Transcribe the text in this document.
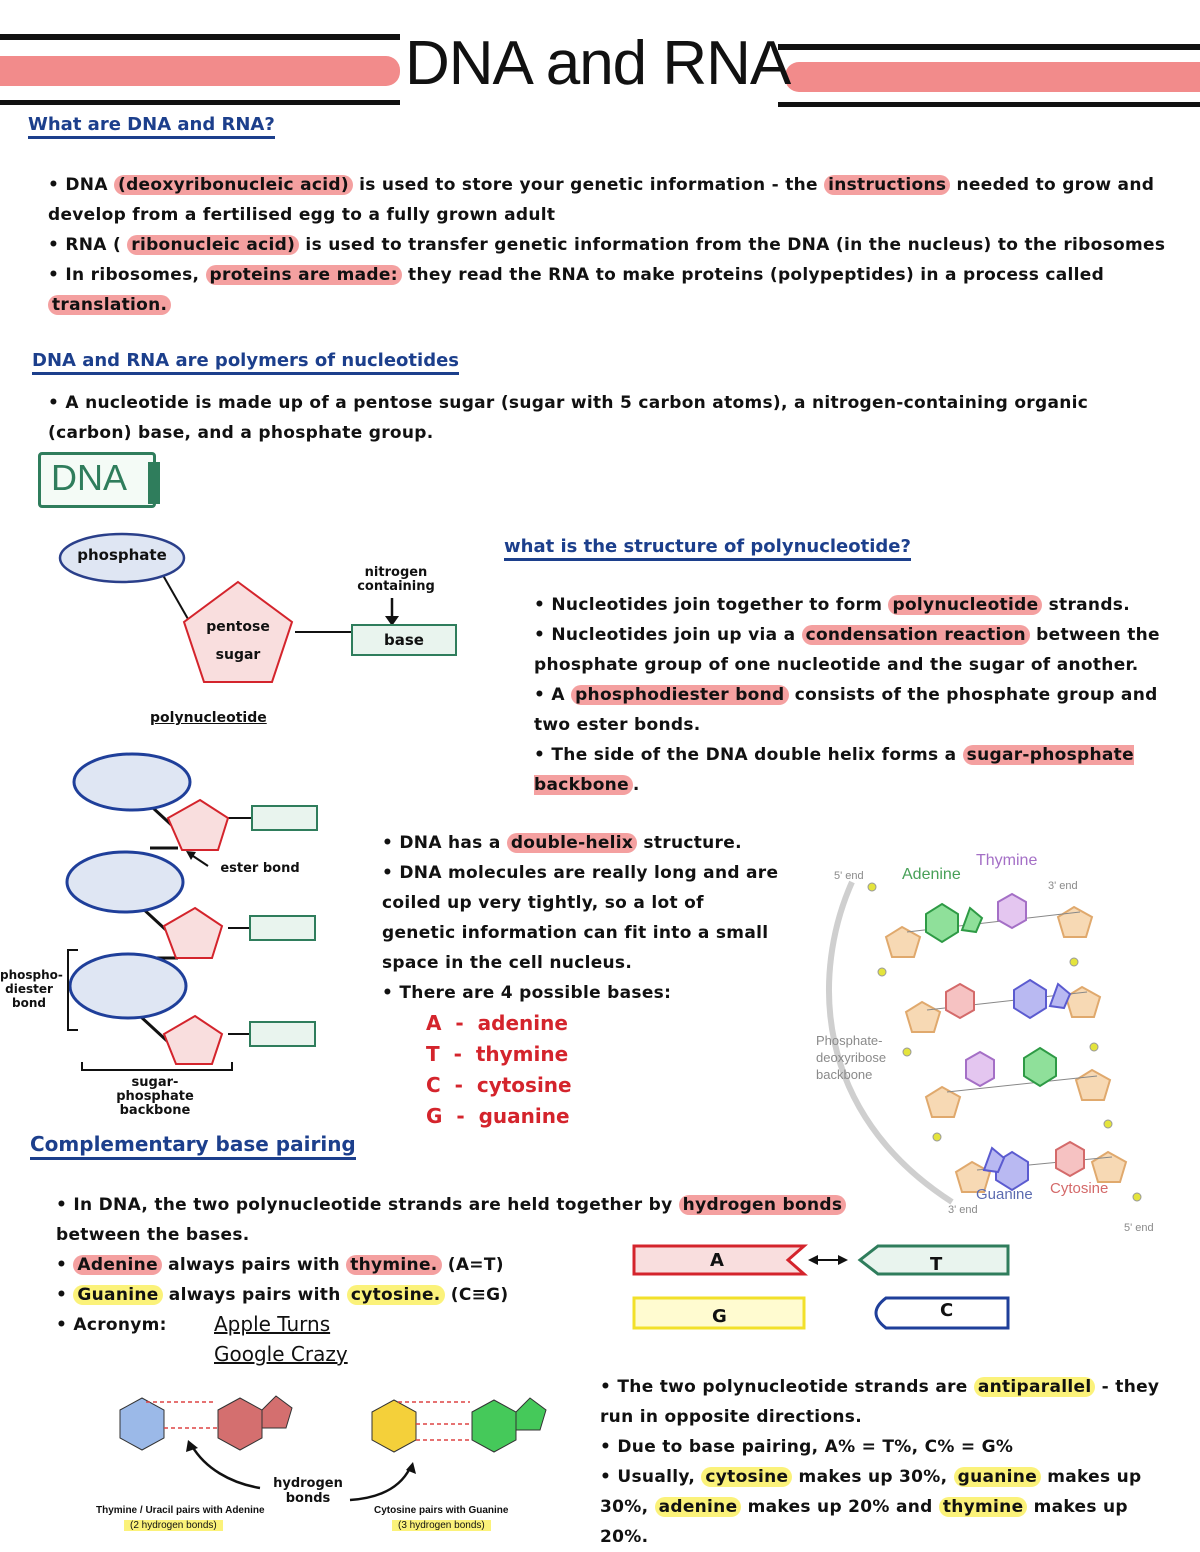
DNA and RNA
What are DNA and RNA?
• DNA (deoxyribonucleic acid) is used to store your genetic information - the instructions needed to grow and develop from a fertilised egg to a fully grown adult
• RNA ( ribonucleic acid) is used to transfer genetic information from the DNA (in the nucleus) to the ribosomes
• In ribosomes, proteins are made: they read the RNA to make proteins (polypeptides) in a process called translation.
DNA and RNA are polymers of nucleotides
• A nucleotide is made up of a pentose sugar (sugar with 5 carbon atoms), a nitrogen-containing organic (carbon) base, and a phosphate group.
DNA
phosphate
pentose
sugar
base
nitrogen containing
polynucleotide
ester bond
phospho- diester bond
sugar- phosphate backbone
what is the structure of polynucleotide?
• Nucleotides join together to form polynucleotide strands.
• Nucleotides join up via a condensation reaction between the phosphate group of one nucleotide and the sugar of another.
• A phosphodiester bond consists of the phosphate group and two ester bonds.
• The side of the DNA double helix forms a sugar-phosphate backbone .
• DNA has a double-helix structure.
• DNA molecules are really long and are coiled up very tightly, so a lot of genetic information can fit into a small space in the cell nucleus.
• There are 4 possible bases:
A  -  adenine
T  -  thymine
C  -  cytosine
G  -  guanine
5' end Adenine
Thymine
3' end
Phosphate- deoxyribose backbone
Guanine Cytosine
3' end
5' end
Complementary base pairing
• In DNA, the two polynucleotide strands are held together by hydrogen bonds between the bases.
• Adenine always pairs with thymine. (A=T)
• Guanine always pairs with cytosine. (C≡G)
• Acronym: Apple Turns
Google Crazy
A	T
G	C
hydrogen bonds
Thymine / Uracil pairs with Adenine
(2 hydrogen bonds)
Cytosine pairs with Guanine
(3 hydrogen bonds)
• The two polynucleotide strands are antiparallel - they run in opposite directions.
• Due to base pairing, A% = T%, C% = G%
• Usually, cytosine makes up 30%, guanine makes up 30%, adenine makes up 20% and thymine makes up 20%.
